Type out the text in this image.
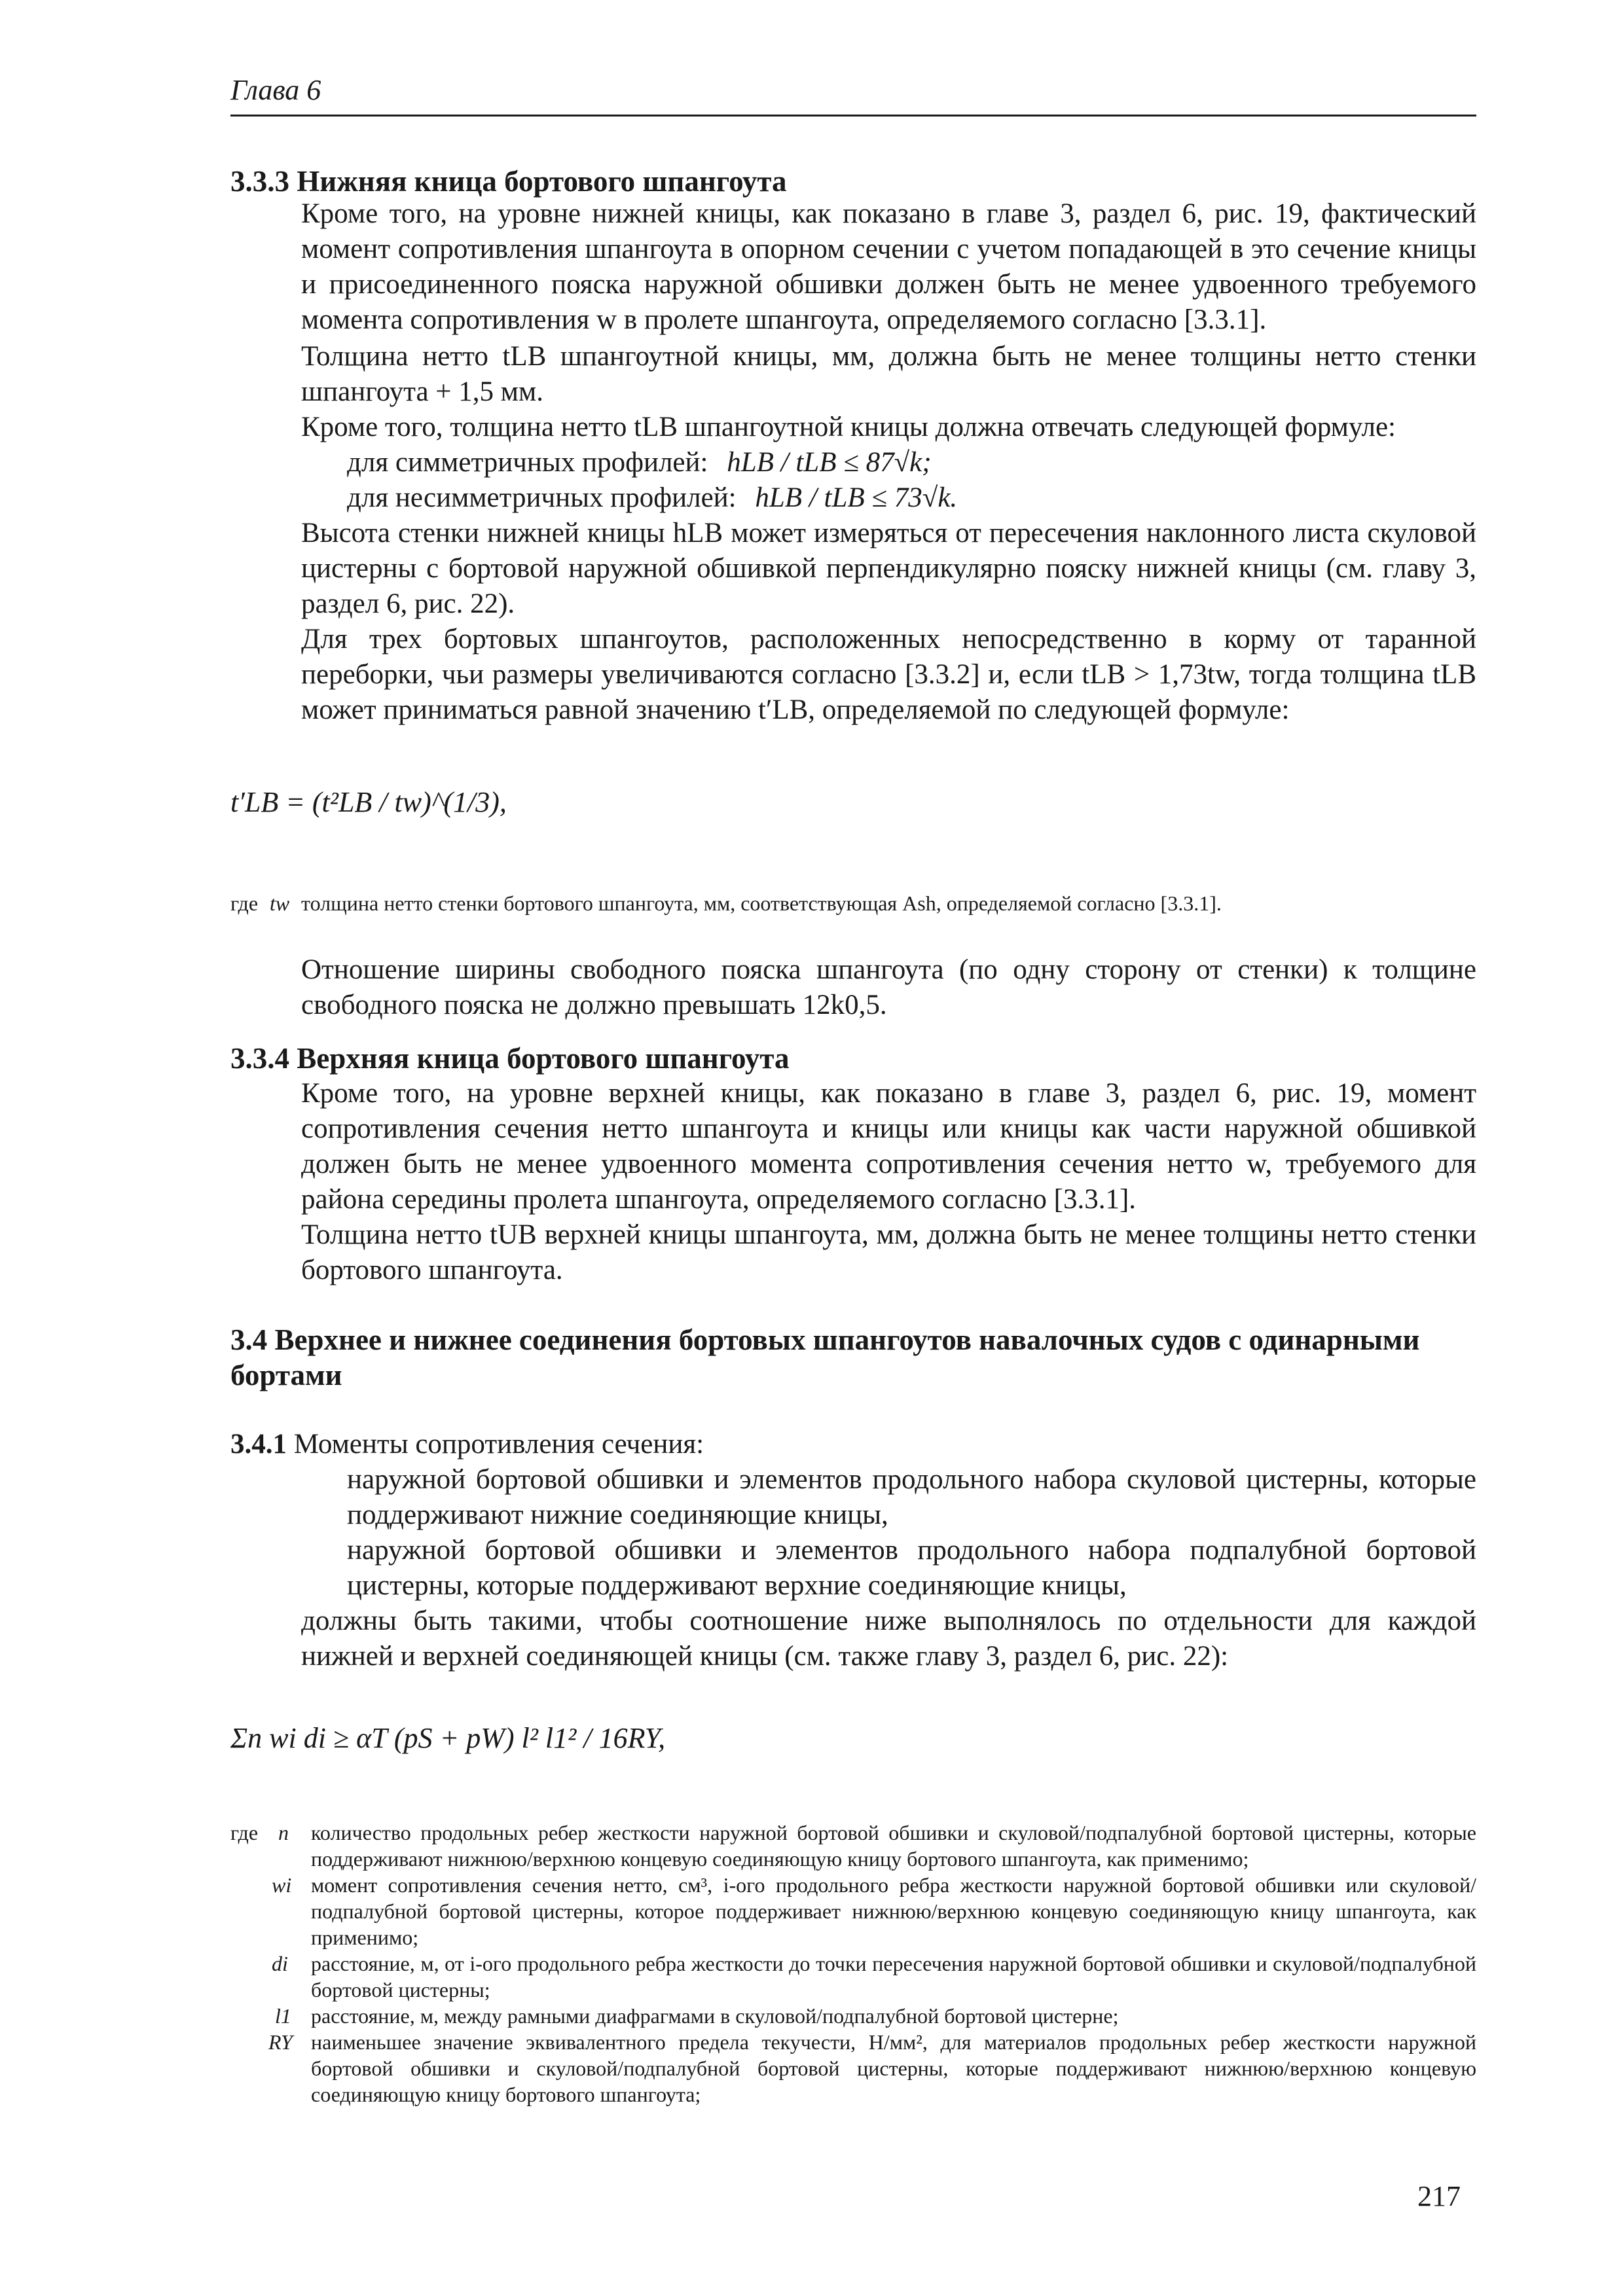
Глава 6
3.3.3 Нижняя кница бортового шпангоута
Кроме того, на уровне нижней кницы, как показано в главе 3, раздел 6, рис. 19, фактический момент сопротивления шпангоута в опорном сечении с учетом попадающей в это сечение кницы и присоединенного пояска наружной обшивки должен быть не менее удвоенного требуемого момента сопротивления w в пролете шпангоута, определяемого согласно [3.3.1].
Толщина нетто tLB шпангоутной кницы, мм, должна быть не менее толщины нетто стенки шпангоута + 1,5 мм.
Кроме того, толщина нетто tLB шпангоутной кницы должна отвечать следующей формуле:
для симметричных профилей: hLB / tLB ≤ 87√k;
для несимметричных профилей: hLB / tLB ≤ 73√k.
Высота стенки нижней кницы hLB может измеряться от пересечения наклонного листа скуловой цистерны с бортовой наружной обшивкой перпендикулярно пояску нижней кницы (см. главу 3, раздел 6, рис. 22).
Для трех бортовых шпангоутов, расположенных непосредственно в корму от таранной переборки, чьи размеры увеличиваются согласно [3.3.2] и, если tLB > 1,73tw, тогда толщина tLB может приниматься равной значению t′LB, определяемой по следующей формуле:
t′LB = (t²LB / tw)^(1/3),
где tw толщина нетто стенки бортового шпангоута, мм, соответствующая Ash, определяемой согласно [3.3.1].
Отношение ширины свободного пояска шпангоута (по одну сторону от стенки) к толщине свободного пояска не должно превышать 12k0,5.
3.3.4 Верхняя кница бортового шпангоута
Кроме того, на уровне верхней кницы, как показано в главе 3, раздел 6, рис. 19, момент сопротивления сечения нетто шпангоута и кницы или кницы как части наружной обшивкой должен быть не менее удвоенного момента сопротивления сечения нетто w, требуемого для района середины пролета шпангоута, определяемого согласно [3.3.1].
Толщина нетто tUB верхней кницы шпангоута, мм, должна быть не менее толщины нетто стенки бортового шпангоута.
3.4 Верхнее и нижнее соединения бортовых шпангоутов навалочных судов с одинарными бортами
3.4.1 Моменты сопротивления сечения:
наружной бортовой обшивки и элементов продольного набора скуловой цистерны, которые поддерживают нижние соединяющие кницы,
наружной бортовой обшивки и элементов продольного набора подпалубной бортовой цистерны, которые поддерживают верхние соединяющие кницы,
должны быть такими, чтобы соотношение ниже выполнялось по отдельности для каждой нижней и верхней соединяющей кницы (см. также главу 3, раздел 6, рис. 22):
Σn wi di ≥ αT (pS + pW) l² l1² / 16RY,
где n количество продольных ребер жесткости наружной бортовой обшивки и скуловой/подпалубной бортовой цистерны, которые поддерживают нижнюю/верхнюю концевую соединяющую кницу бортового шпангоута, как применимо;
wi момент сопротивления сечения нетто, см³, i-ого продольного ребра жесткости наружной бортовой обшивки или скуловой/подпалубной бортовой цистерны, которое поддерживает нижнюю/верхнюю концевую соединяющую кницу шпангоута, как применимо;
di расстояние, м, от i-ого продольного ребра жесткости до точки пересечения наружной бортовой обшивки и скуловой/подпалубной бортовой цистерны;
l1 расстояние, м, между рамными диафрагмами в скуловой/подпалубной бортовой цистерне;
RY наименьшее значение эквивалентного предела текучести, Н/мм², для материалов продольных ребер жесткости наружной бортовой обшивки и скуловой/подпалубной бортовой цистерны, которые поддерживают нижнюю/верхнюю концевую соединяющую кницу бортового шпангоута;
217
